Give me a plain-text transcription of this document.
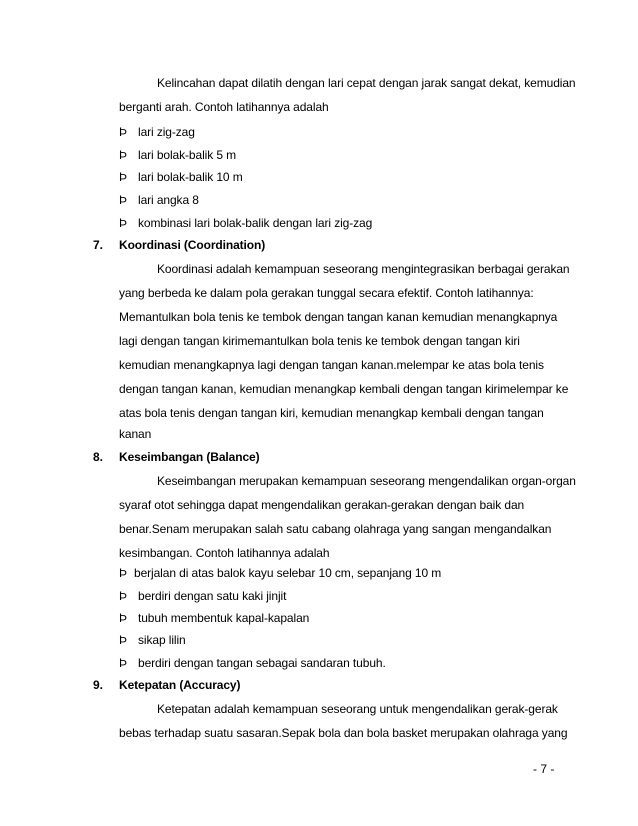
Kelincahan dapat dilatih dengan lari cepat dengan jarak sangat dekat, kemudian
berganti arah. Contoh latihannya adalah
Þ lari zig-zag
Þ lari bolak-balik 5 m
Þ lari bolak-balik 10 m
Þ lari angka 8
Þ kombinasi lari bolak-balik dengan lari zig-zag
7. Koordinasi (Coordination)
Koordinasi adalah kemampuan seseorang mengintegrasikan berbagai gerakan
yang berbeda ke dalam pola gerakan tunggal secara efektif. Contoh latihannya:
Memantulkan bola tenis ke tembok dengan tangan kanan kemudian menangkapnya
lagi dengan tangan kirimemantulkan bola tenis ke tembok dengan tangan kiri
kemudian menangkapnya lagi dengan tangan kanan.melempar ke atas bola tenis
dengan tangan kanan, kemudian menangkap kembali dengan tangan kirimelempar ke
atas bola tenis dengan tangan kiri, kemudian menangkap kembali dengan tangan
kanan
8. Keseimbangan (Balance)
Keseimbangan merupakan kemampuan seseorang mengendalikan organ-organ
syaraf otot sehingga dapat mengendalikan gerakan-gerakan dengan baik dan
benar.Senam merupakan salah satu cabang olahraga yang sangan mengandalkan
kesimbangan. Contoh latihannya adalah
Þ berjalan di atas balok kayu selebar 10 cm, sepanjang 10 m
Þ berdiri dengan satu kaki jinjit
Þ tubuh membentuk kapal-kapalan
Þ sikap lilin
Þ berdiri dengan tangan sebagai sandaran tubuh.
9. Ketepatan (Accuracy)
Ketepatan adalah kemampuan seseorang untuk mengendalikan gerak-gerak
bebas terhadap suatu sasaran.Sepak bola dan bola basket merupakan olahraga yang
- 7 -
